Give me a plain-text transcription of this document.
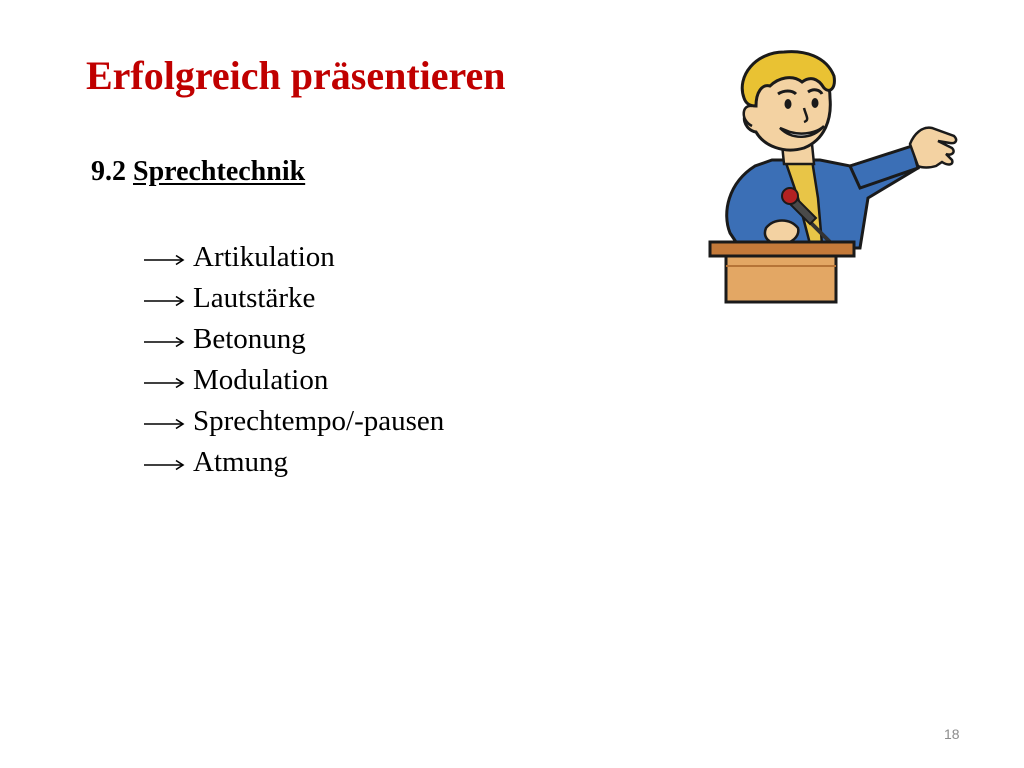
Erfolgreich präsentieren
9.2 Sprechtechnik
Artikulation
Lautstärke
Betonung
Modulation
Sprechtempo/-pausen
Atmung
18
